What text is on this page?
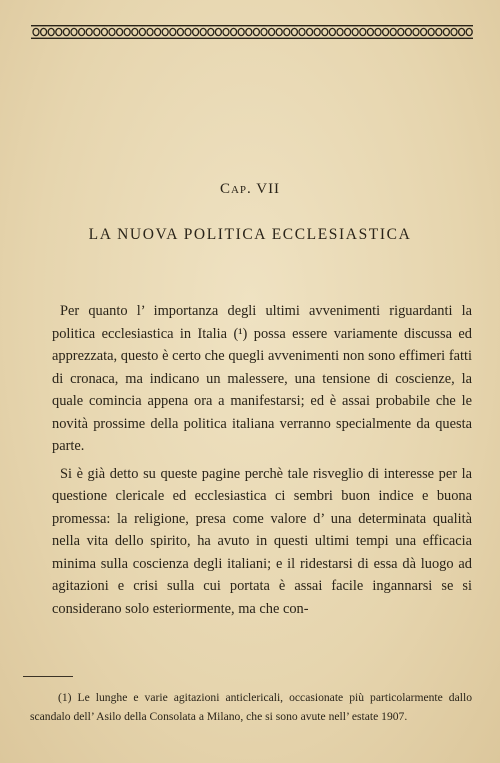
Cap. VII
LA NUOVA POLITICA ECCLESIASTICA

Per quanto l’ importanza degli ultimi avvenimenti riguardanti la politica ecclesiastica in Italia (¹) possa essere variamente discussa ed apprezzata, questo è certo che quegli avvenimenti non sono effimeri fatti di cronaca, ma indicano un malessere, una tensione di coscienze, la quale comincia appena ora a manifestarsi; ed è assai probabile che le novità prossime della politica italiana verranno specialmente da questa parte.

Si è già detto su queste pagine perchè tale risveglio di interesse per la questione clericale ed ecclesiastica ci sembri buon indice e buona promessa: la religione, presa come valore d’ una determinata qualità nella vita dello spirito, ha avuto in questi ultimi tempi una efficacia minima sulla coscienza degli italiani; e il ridestarsi di essa dà luogo ad agitazioni e crisi sulla cui portata è assai facile ingannarsi se si considerano solo esteriormente, ma che con-

(1) Le lunghe e varie agitazioni anticlericali, occasionate più particolarmente dallo scandalo dell’ Asilo della Consolata a Milano, che si sono avute nell’ estate 1907.
